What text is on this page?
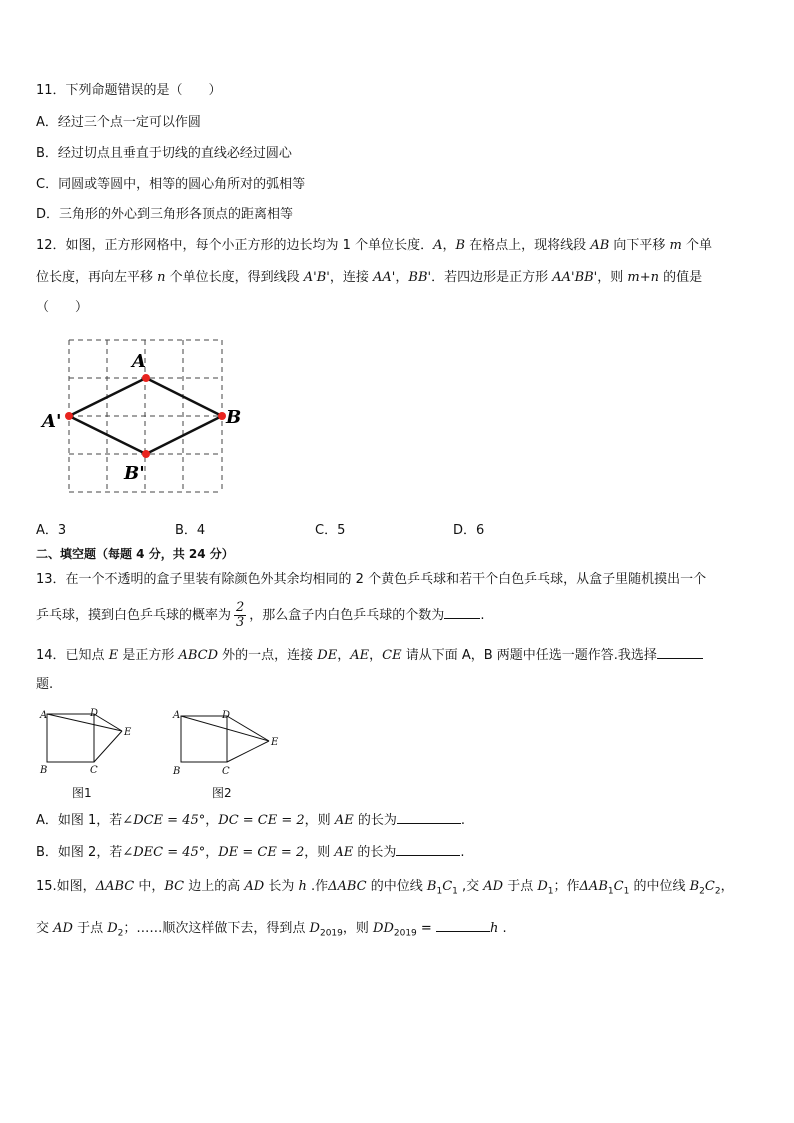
11．下列命题错误的是（　　）
A．经过三个点一定可以作圆
B．经过切点且垂直于切线的直线必经过圆心
C．同圆或等圆中，相等的圆心角所对的弧相等
D．三角形的外心到三角形各顶点的距离相等
12．如图，正方形网格中，每个小正方形的边长均为 1 个单位长度．A，B 在格点上，现将线段 AB 向下平移 m 个单
位长度，再向左平移 n 个单位长度，得到线段 A'B'，连接 AA'，BB'．若四边形是正方形 AA'BB'，则 m+n 的值是
（　　）
A
B
A'
B'
A．3	B．4	C．5	D．6
二、填空题（每题 4 分，共 24 分）
13．在一个不透明的盒子里装有除颜色外其余均相同的 2 个黄色乒乓球和若干个白色乒乓球，从盒子里随机摸出一个
乒乓球，摸到白色乒乓球的概率为 $\frac{2}{3}$ ，那么盒子内白色乒乓球的个数为	.
14．已知点 E 是正方形 ABCD 外的一点，连接 DE，AE，CE 请从下面 A，B 两题中任选一题作答.我选择
题.
A	D
E
B	C
图1
A	D
E
B	C
图2
A．如图 1，若∠DCE = 45°，DC = CE = 2，则 AE 的长为	.
B．如图 2，若∠DEC = 45°，DE = CE = 2，则 AE 的长为	.
15.如图，ΔABC 中，BC 边上的高 AD 长为 h .作ΔABC 的中位线 $B_1C_1$ ,交 AD 于点 $D_1$；作$\Delta AB_1C_1$ 的中位线 $B_2C_2$，
交 AD 于点 $D_2$；……顺次这样做下去，得到点 $D_{2019}$，则 $DD_{2019}$ =	h .
